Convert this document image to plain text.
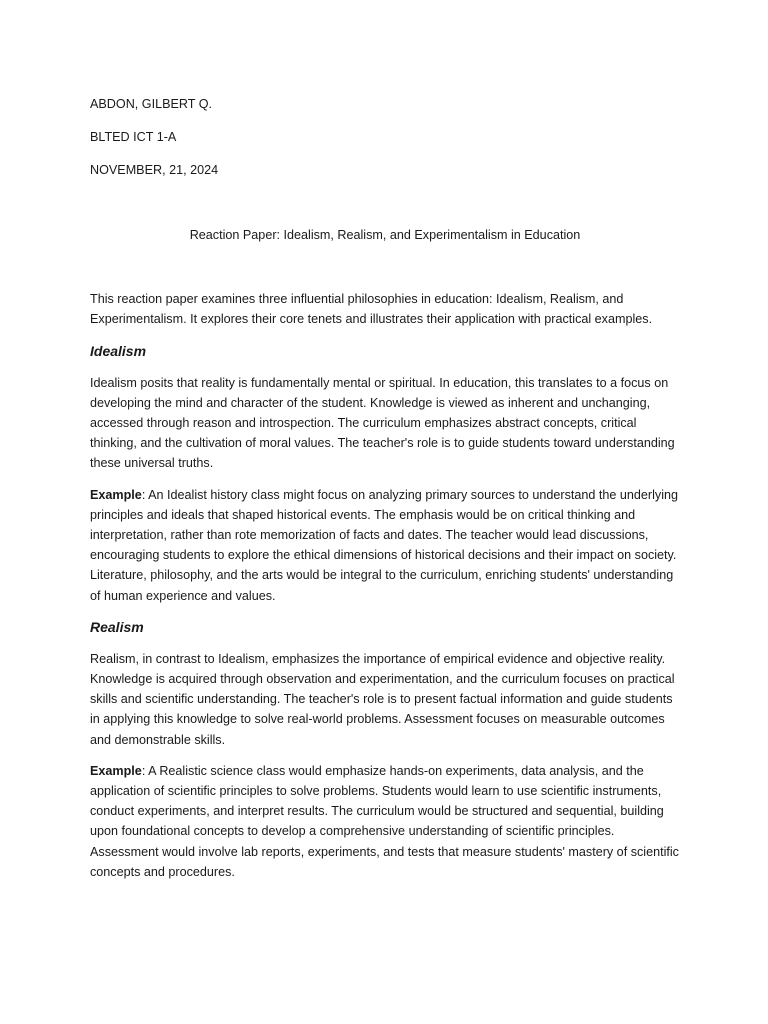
ABDON, GILBERT Q.

BLTED ICT 1-A

NOVEMBER, 21, 2024

Reaction Paper: Idealism, Realism, and Experimentalism in Education

This reaction paper examines three influential philosophies in education: Idealism, Realism, and Experimentalism. It explores their core tenets and illustrates their application with practical examples.

Idealism

Idealism posits that reality is fundamentally mental or spiritual. In education, this translates to a focus on developing the mind and character of the student. Knowledge is viewed as inherent and unchanging, accessed through reason and introspection. The curriculum emphasizes abstract concepts, critical thinking, and the cultivation of moral values. The teacher's role is to guide students toward understanding these universal truths.

Example: An Idealist history class might focus on analyzing primary sources to understand the underlying principles and ideals that shaped historical events. The emphasis would be on critical thinking and interpretation, rather than rote memorization of facts and dates. The teacher would lead discussions, encouraging students to explore the ethical dimensions of historical decisions and their impact on society. Literature, philosophy, and the arts would be integral to the curriculum, enriching students' understanding of human experience and values.

Realism

Realism, in contrast to Idealism, emphasizes the importance of empirical evidence and objective reality. Knowledge is acquired through observation and experimentation, and the curriculum focuses on practical skills and scientific understanding. The teacher's role is to present factual information and guide students in applying this knowledge to solve real-world problems. Assessment focuses on measurable outcomes and demonstrable skills.

Example: A Realistic science class would emphasize hands-on experiments, data analysis, and the application of scientific principles to solve problems. Students would learn to use scientific instruments, conduct experiments, and interpret results. The curriculum would be structured and sequential, building upon foundational concepts to develop a comprehensive understanding of scientific principles. Assessment would involve lab reports, experiments, and tests that measure students' mastery of scientific concepts and procedures.
